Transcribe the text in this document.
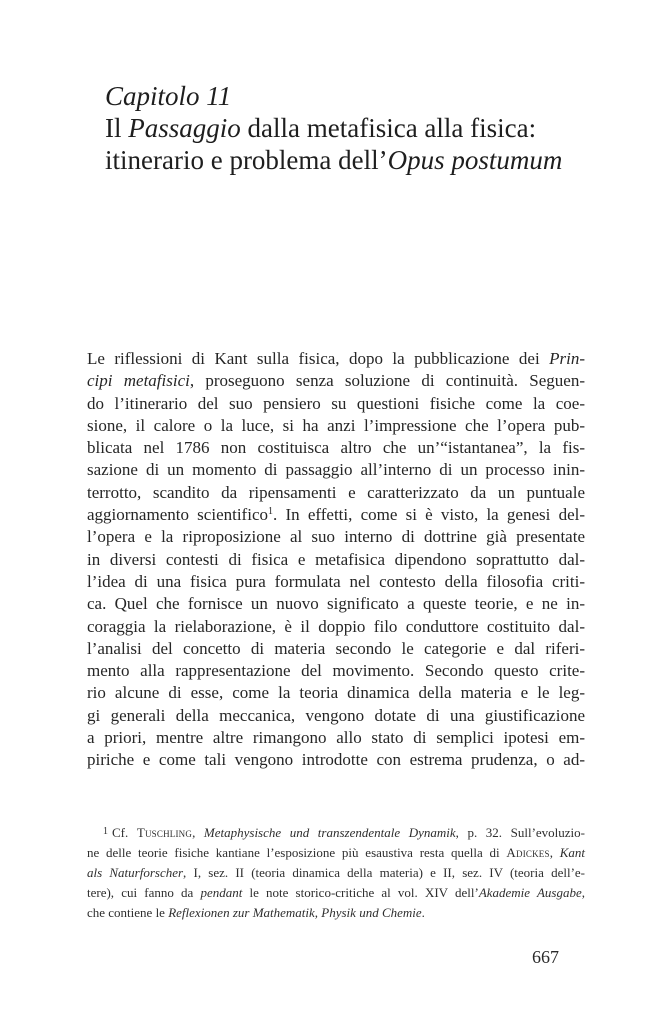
Capitolo 11
Il Passaggio dalla metafisica alla fisica:
itinerario e problema dell’Opus postumum
Le riflessioni di Kant sulla fisica, dopo la pubblicazione dei Prin-
cipi metafisici, proseguono senza soluzione di continuità. Seguen-
do l’itinerario del suo pensiero su questioni fisiche come la coe-
sione, il calore o la luce, si ha anzi l’impressione che l’opera pub-
blicata nel 1786 non costituisca altro che un’“istantanea”, la fis-
sazione di un momento di passaggio all’interno di un processo inin-
terrotto, scandito da ripensamenti e caratterizzato da un puntuale
aggiornamento scientifico$^1$. In effetti, come si è visto, la genesi del-
l’opera e la riproposizione al suo interno di dottrine già presentate
in diversi contesti di fisica e metafisica dipendono soprattutto dal-
l’idea di una fisica pura formulata nel contesto della filosofia criti-
ca. Quel che fornisce un nuovo significato a queste teorie, e ne in-
coraggia la rielaborazione, è il doppio filo conduttore costituito dal-
l’analisi del concetto di materia secondo le categorie e dal riferi-
mento alla rappresentazione del movimento. Secondo questo crite-
rio alcune di esse, come la teoria dinamica della materia e le leg-
gi generali della meccanica, vengono dotate di una giustificazione
a priori, mentre altre rimangono allo stato di semplici ipotesi em-
piriche e come tali vengono introdotte con estrema prudenza, o ad-
$^1$ Cf. Tuschling, Metaphysische und transzendentale Dynamik, p. 32. Sull’evoluzio-
ne delle teorie fisiche kantiane l’esposizione più esaustiva resta quella di Adickes, Kant
als Naturforscher, I, sez. II (teoria dinamica della materia) e II, sez. IV (teoria dell’e-
tere), cui fanno da pendant le note storico-critiche al vol. XIV dell’Akademie Ausgabe,
che contiene le Reflexionen zur Mathematik, Physik und Chemie.
667
